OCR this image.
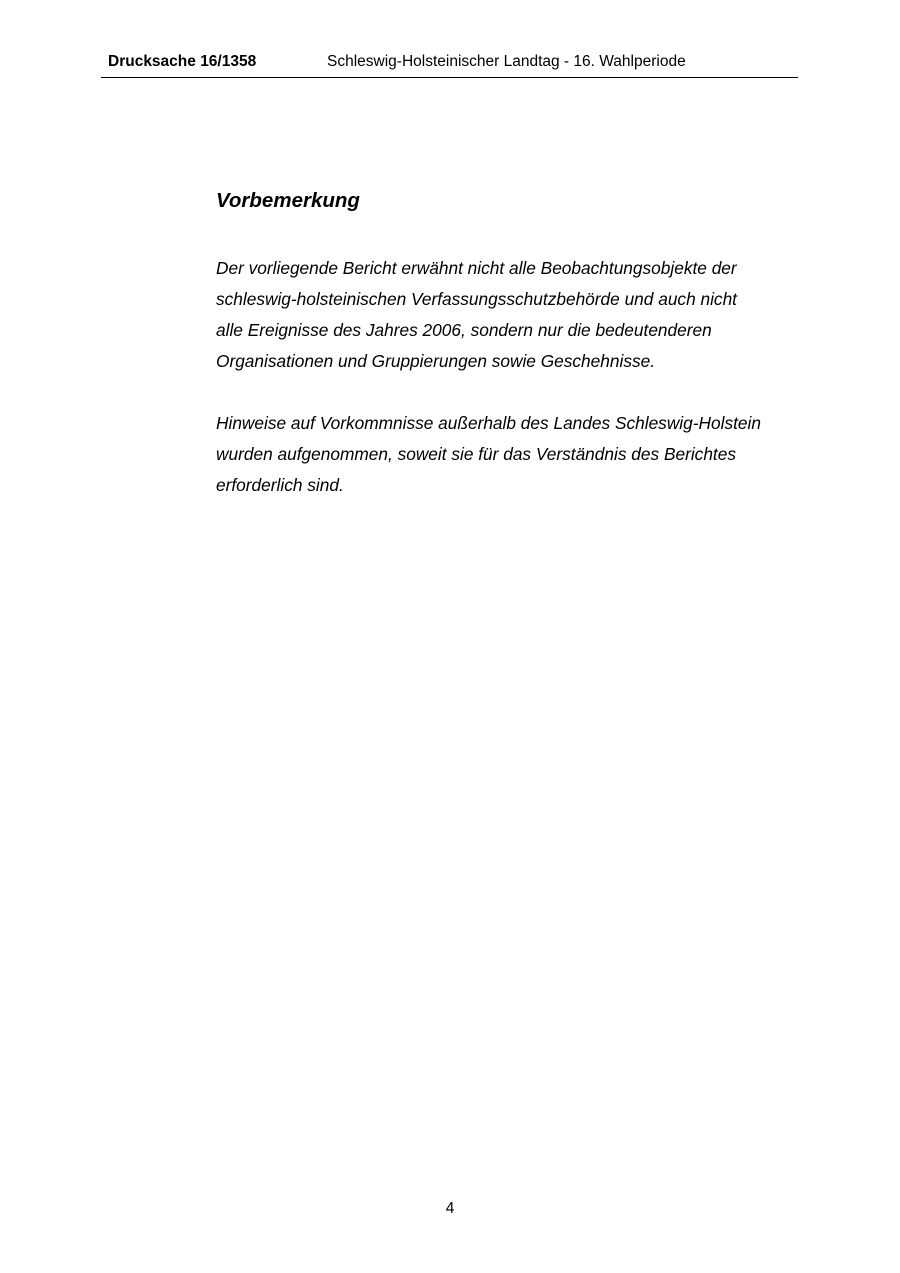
Drucksache 16/1358	Schleswig-Holsteinischer Landtag - 16. Wahlperiode
Vorbemerkung

Der vorliegende Bericht erwähnt nicht alle Beobachtungsobjekte der
schleswig-holsteinischen Verfassungsschutzbehörde und auch nicht
alle Ereignisse des Jahres 2006, sondern nur die bedeutenderen
Organisationen und Gruppierungen sowie Geschehnisse.

Hinweise auf Vorkommnisse außerhalb des Landes Schleswig-Holstein
wurden aufgenommen, soweit sie für das Verständnis des Berichtes
erforderlich sind.

4
